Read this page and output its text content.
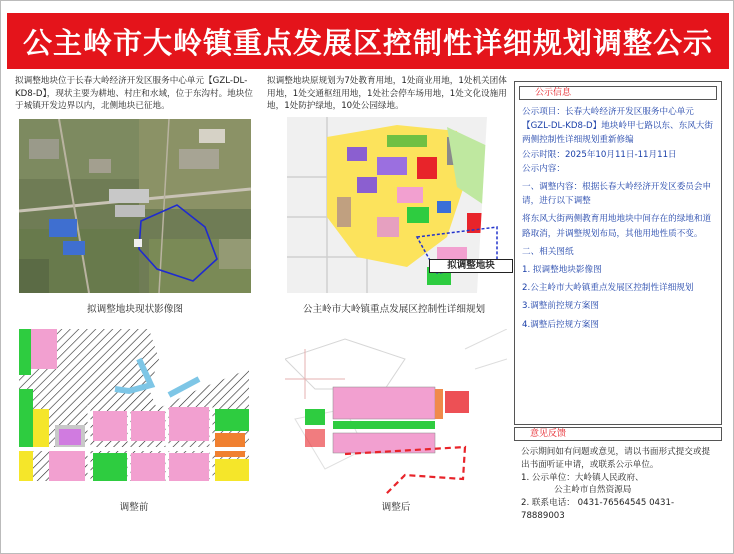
公主岭市大岭镇重点发展区控制性详细规划调整公示
拟调整地块位于长春大岭经济开发区服务中心单元【GZL-DL-KD8-D】，现状主要为耕地、村庄和水域，位于东沟村。地块位于城镇开发边界以内，北侧地块已征地。
拟调整地块原规划为7处教育用地，1处商业用地，1处机关团体用地，1处交通枢纽用地，1处社会停车场用地，1处文化设施用地，1处防护绿地，10处公园绿地。
拟调整地块
拟调整地块现状影像图	公主岭市大岭镇重点发展区控制性详细规划
调整前	调整后
公示信息

公示项目：长春大岭经济开发区服务中心单元【GZL-DL-KD8-D】地块岭甲七路以东、东风大街两侧控制性详细规划重新修编

公示时限：2025年10月11日-11月11日

公示内容：

一、调整内容：根据长春大岭经济开发区委员会申请，进行以下调整

将东风大街两侧教育用地地块中间存在的绿地和道路取消，并调整规划布局，其他用地性质不变。

二、相关图纸

1. 拟调整地块影像图

2.公主岭市大岭镇重点发展区控制性详细规划

3.调整前控规方案图

4.调整后控规方案图

意见反馈

公示期间如有问题或意见，请以书面形式提交或提出书面听证申请，或联系公示单位。

1. 公示单位：大岭镇人民政府、

公主岭市自然资源局

2. 联系电话： 0431-76564545 0431-78889003
